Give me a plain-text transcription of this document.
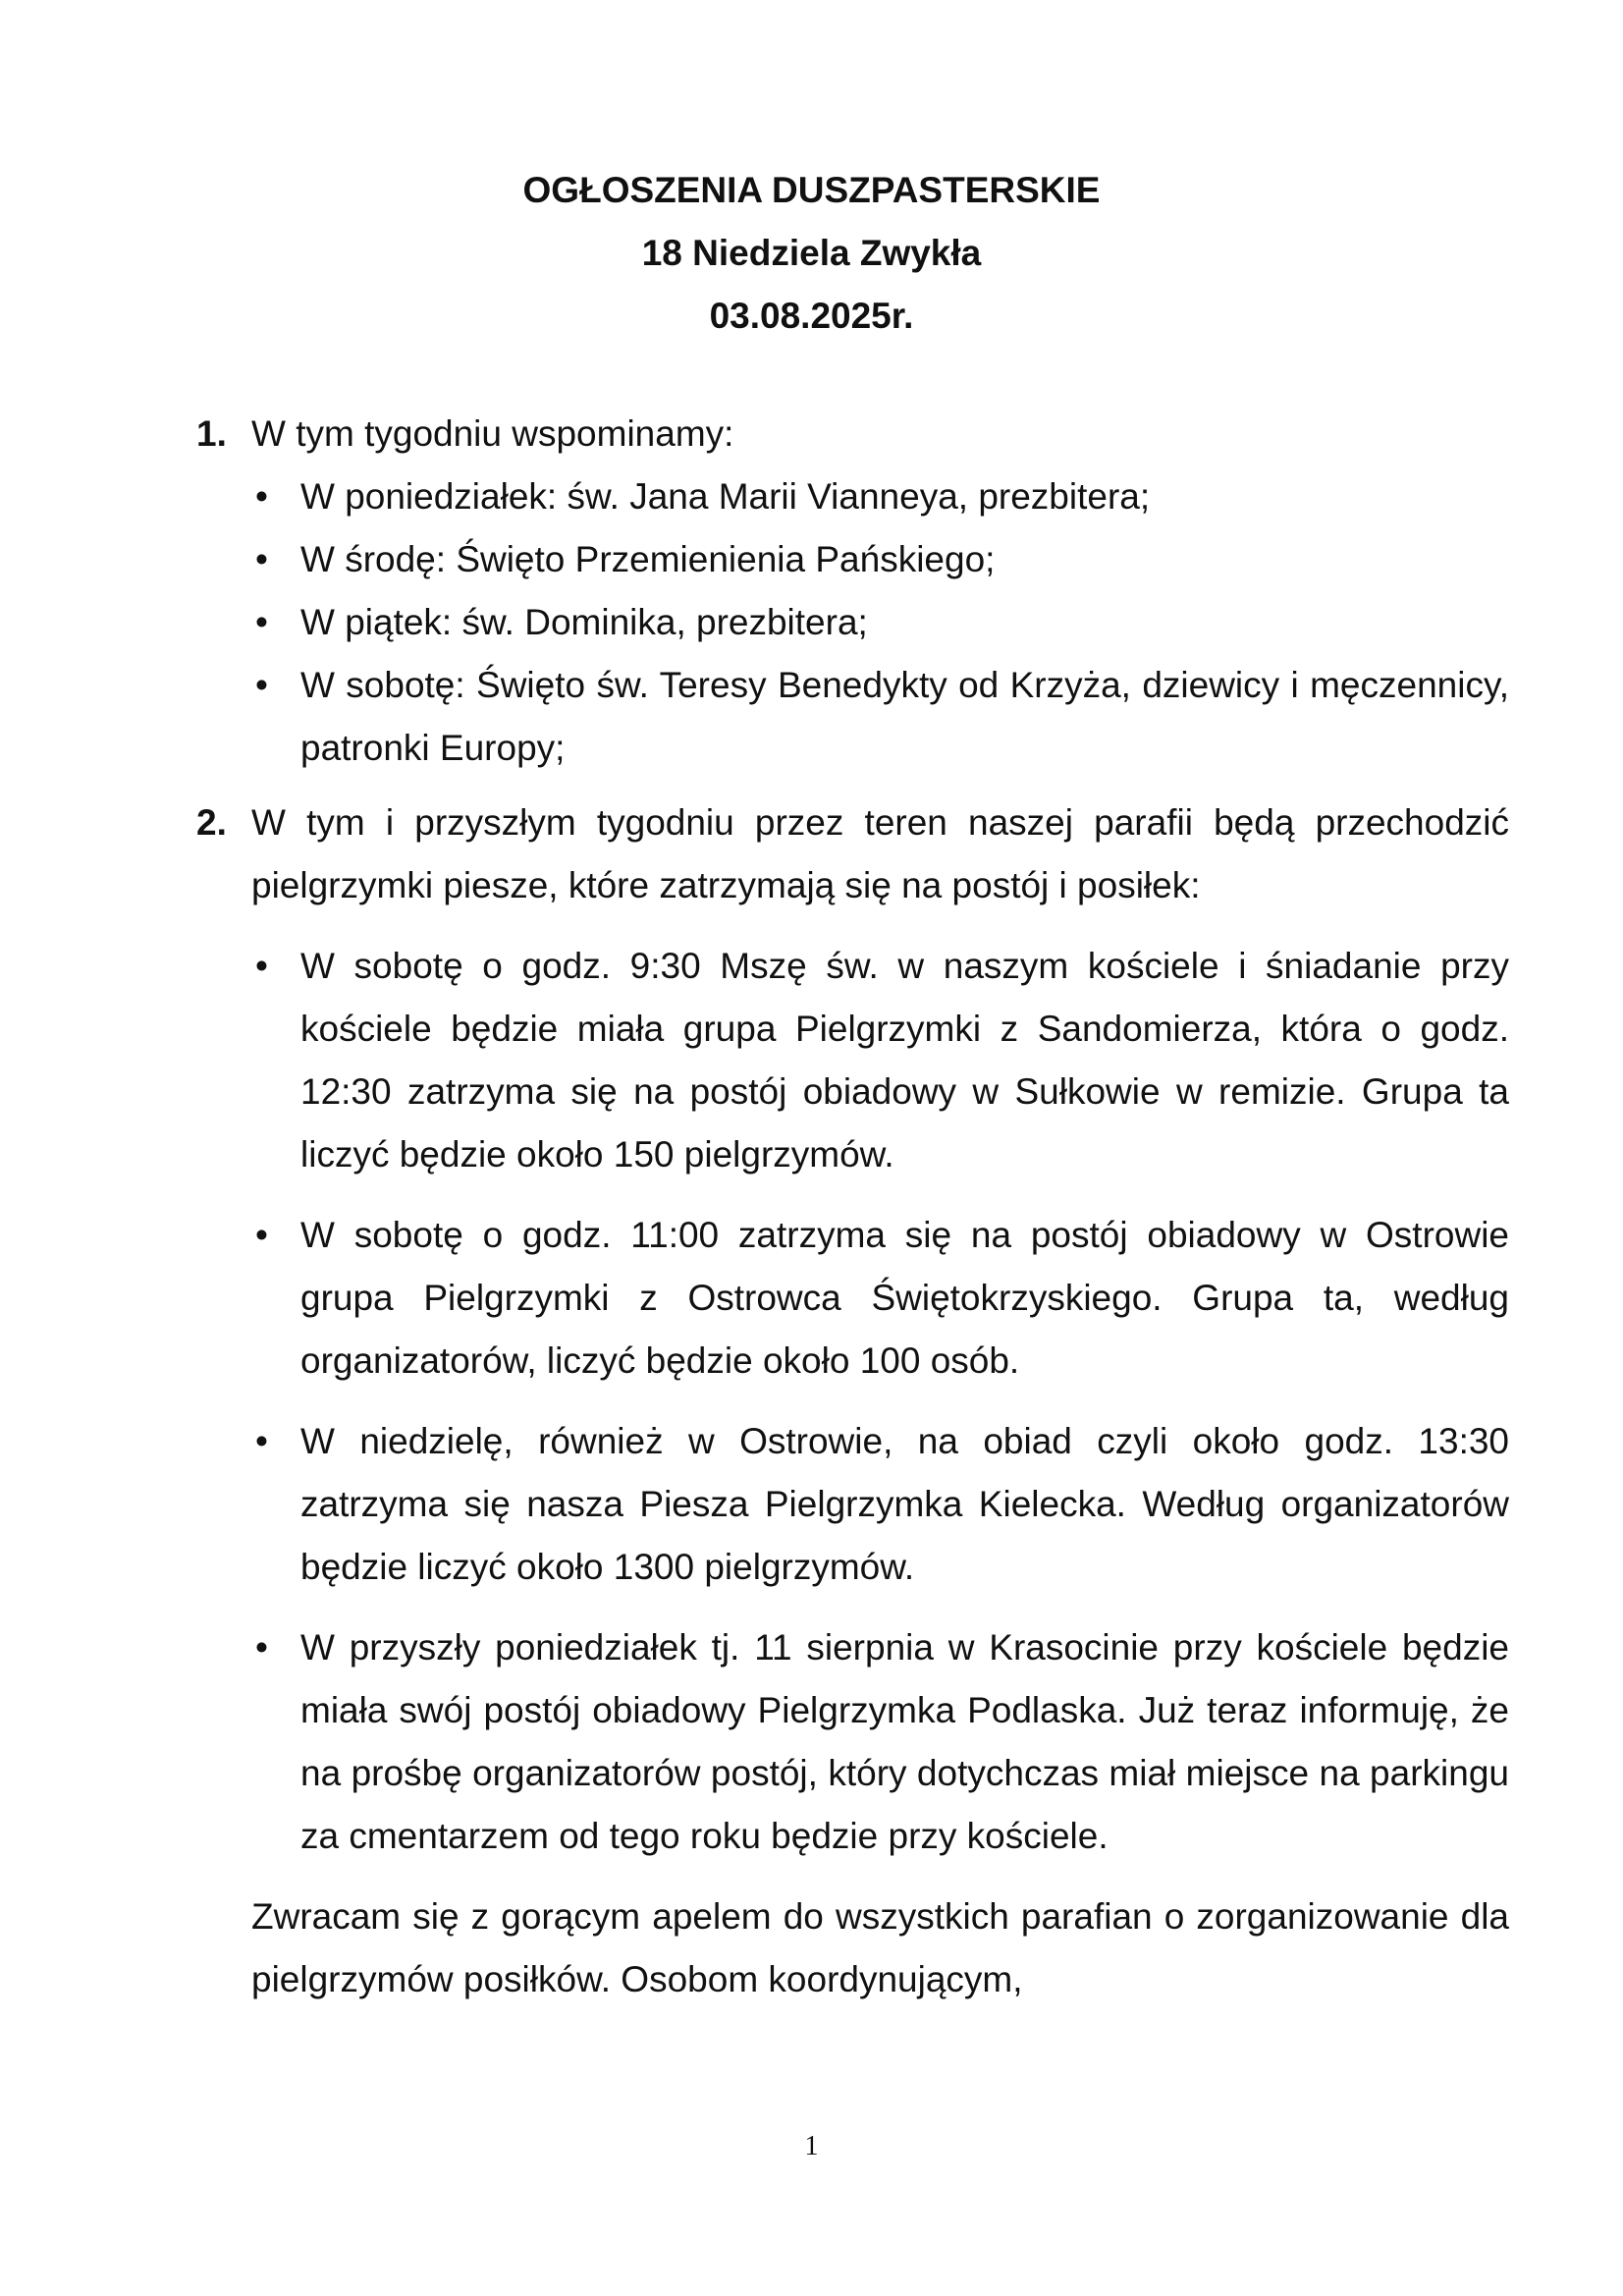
OGŁOSZENIA DUSZPASTERSKIE
18 Niedziela Zwykła
03.08.2025r.
1. W tym tygodniu wspominamy:
• W poniedziałek: św. Jana Marii Vianneya, prezbitera;
• W środę: Święto Przemienienia Pańskiego;
• W piątek: św. Dominika, prezbitera;
• W sobotę: Święto św. Teresy Benedykty od Krzyża, dziewicy i męczennicy, patronki Europy;
2. W tym i przyszłym tygodniu przez teren naszej parafii będą przechodzić pielgrzymki piesze, które zatrzymają się na postój i posiłek:
• W sobotę o godz. 9:30 Mszę św. w naszym kościele i śniadanie przy kościele będzie miała grupa Pielgrzymki z Sandomierza, która o godz. 12:30 zatrzyma się na postój obiadowy w Sułkowie w remizie. Grupa ta liczyć będzie około 150 pielgrzymów.
• W sobotę o godz. 11:00 zatrzyma się na postój obiadowy w Ostrowie grupa Pielgrzymki z Ostrowca Świętokrzyskiego. Grupa ta, według organizatorów, liczyć będzie około 100 osób.
• W niedzielę, również w Ostrowie, na obiad czyli około godz. 13:30 zatrzyma się nasza Piesza Pielgrzymka Kielecka. Według organizatorów będzie liczyć około 1300 pielgrzymów.
• W przyszły poniedziałek tj. 11 sierpnia w Krasocinie przy kościele będzie miała swój postój obiadowy Pielgrzymka Podlaska. Już teraz informuję, że na prośbę organizatorów postój, który dotychczas miał miejsce na parkingu za cmentarzem od tego roku będzie przy kościele.
Zwracam się z gorącym apelem do wszystkich parafian o zorganizowanie dla pielgrzymów posiłków. Osobom koordynującym,
1
